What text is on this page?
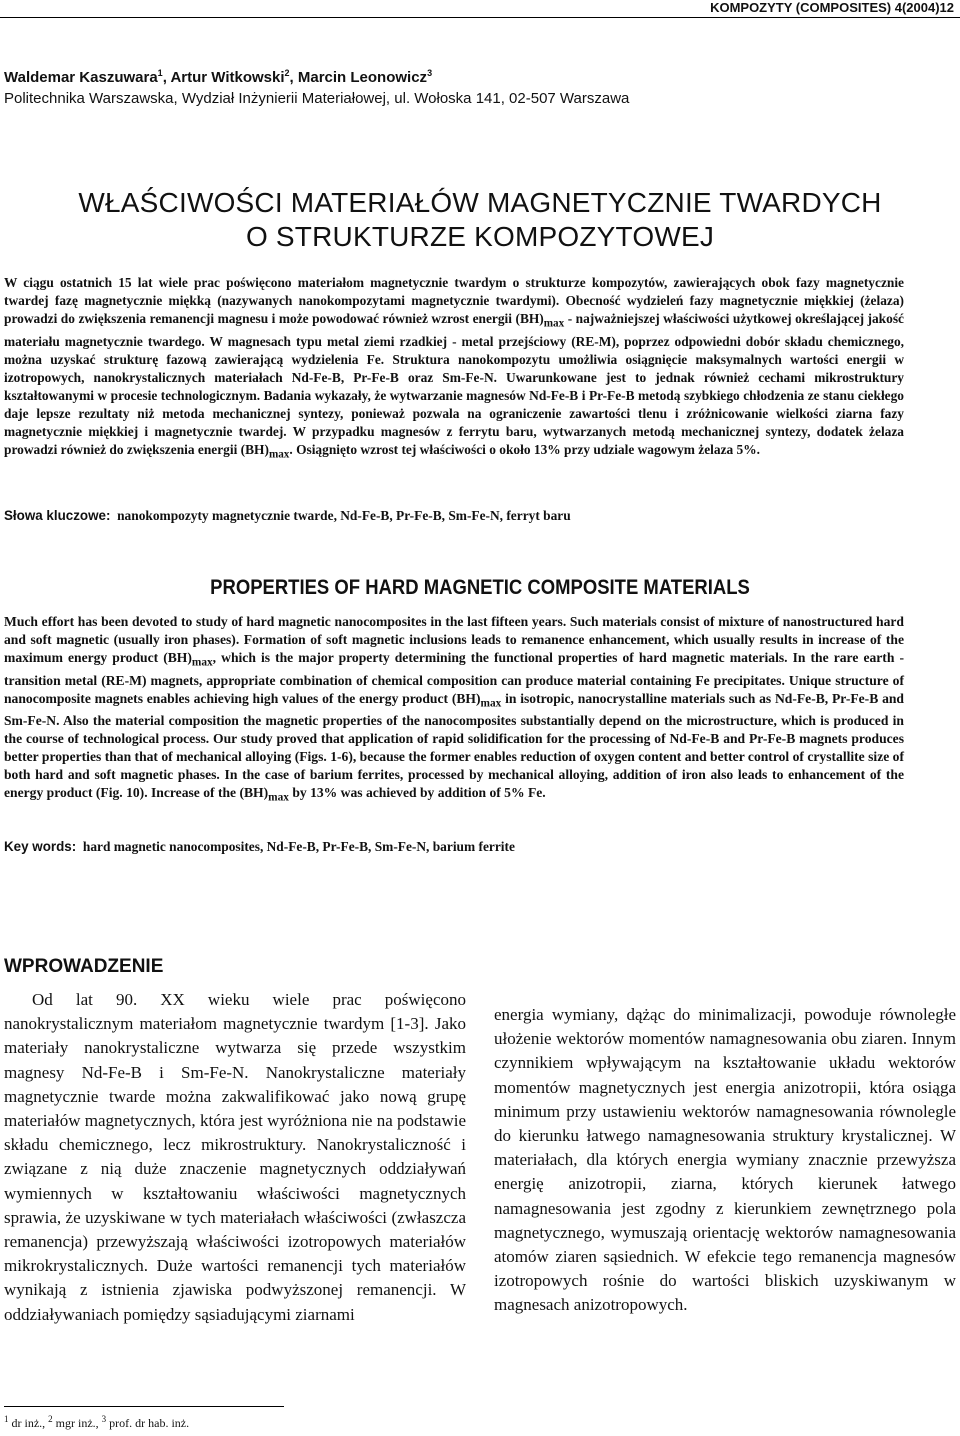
KOMPOZYTY (COMPOSITES) 4(2004)12
Waldemar Kaszuwara$^1$, Artur Witkowski$^2$, Marcin Leonowicz$^3$
Politechnika Warszawska, Wydział Inżynierii Materiałowej, ul. Wołoska 141, 02-507 Warszawa
WŁAŚCIWOŚCI MATERIAŁÓW MAGNETYCZNIE TWARDYCH
O STRUKTURZE KOMPOZYTOWEJ
W ciągu ostatnich 15 lat wiele prac poświęcono materiałom magnetycznie twardym o strukturze kompozytów, zawierających obok fazy magnetycznie twardej fazę magnetycznie miękką (nazywanych nanokompozytami magnetycznie twardymi). Obecność wydzieleń fazy magnetycznie miękkiej (żelaza) prowadzi do zwiększenia remanencji magnesu i może powodować również wzrost energii $(BH)_{max}$ - najważniejszej właściwości użytkowej określającej jakość materiału magnetycznie twardego. W magnesach typu metal ziemi rzadkiej - metal przejściowy (RE-M), poprzez odpowiedni dobór składu chemicznego, można uzyskać strukturę fazową zawierającą wydzielenia Fe. Struktura nanokompozytu umożliwia osiągnięcie maksymalnych wartości energii w izotropowych, nanokrystalicznych materiałach Nd-Fe-B, Pr-Fe-B oraz Sm-Fe-N. Uwarunkowane jest to jednak również cechami mikrostruktury kształtowanymi w procesie technologicznym. Badania wykazały, że wytwarzanie magnesów Nd-Fe-B i Pr-Fe-B metodą szybkiego chłodzenia ze stanu ciekłego daje lepsze rezultaty niż metoda mechanicznej syntezy, ponieważ pozwala na ograniczenie zawartości tlenu i zróżnicowanie wielkości ziarna fazy magnetycznie miękkiej i magnetycznie twardej. W przypadku magnesów z ferrytu baru, wytwarzanych metodą mechanicznej syntezy, dodatek żelaza prowadzi również do zwiększenia energii $(BH)_{max}$. Osiągnięto wzrost tej właściwości o około 13% przy udziale wagowym żelaza 5%.
Słowa kluczowe: nanokompozyty magnetycznie twarde, Nd-Fe-B, Pr-Fe-B, Sm-Fe-N, ferryt baru
PROPERTIES OF HARD MAGNETIC COMPOSITE MATERIALS
Much effort has been devoted to study of hard magnetic nanocomposites in the last fifteen years. Such materials consist of mixture of nanostructured hard and soft magnetic (usually iron phases). Formation of soft magnetic inclusions leads to remanence enhancement, which usually results in increase of the maximum energy product $(BH)_{max}$, which is the major property determining the functional properties of hard magnetic materials. In the rare earth - transition metal (RE-M) magnets, appropriate combination of chemical composition can produce material containing Fe precipitates. Unique structure of nanocomposite magnets enables achieving high values of the energy product $(BH)_{max}$ in isotropic, nanocrystalline materials such as Nd-Fe-B, Pr-Fe-B and Sm-Fe-N. Also the material composition the magnetic properties of the nanocomposites substantially depend on the microstructure, which is produced in the course of technological process. Our study proved that application of rapid solidification for the processing of Nd-Fe-B and Pr-Fe-B magnets produces better properties than that of mechanical alloying (Figs. 1-6), because the former enables reduction of oxygen content and better control of crystallite size of both hard and soft magnetic phases. In the case of barium ferrites, processed by mechanical alloying, addition of iron also leads to enhancement of the energy product (Fig. 10). Increase of the $(BH)_{max}$ by 13% was achieved by addition of 5% Fe.
Key words: hard magnetic nanocomposites, Nd-Fe-B, Pr-Fe-B, Sm-Fe-N, barium ferrite
WPROWADZENIE
Od lat 90. XX wieku wiele prac poświęcono nanokrystalicznym materiałom magnetycznie twardym [1-3]. Jako materiały nanokrystaliczne wytwarza się przede wszystkim magnesy Nd-Fe-B i Sm-Fe-N. Nanokrystaliczne materiały magnetycznie twarde można zakwalifikować jako nową grupę materiałów magnetycznych, która jest wyróżniona nie na podstawie składu chemicznego, lecz mikrostruktury. Nanokrystaliczność i związane z nią duże znaczenie magnetycznych oddziaływań wymiennych w kształtowaniu właściwości magnetycznych sprawia, że uzyskiwane w tych materiałach właściwości (zwłaszcza remanencja) przewyższają właściwości izotropowych materiałów mikrokrystalicznych. Duże wartości remanencji tych materiałów wynikają z istnienia zjawiska podwyższonej remanencji. W oddziaływaniach pomiędzy sąsiadującymi ziarnami
energia wymiany, dążąc do minimalizacji, powoduje równoległe ułożenie wektorów momentów namagnesowania obu ziaren. Innym czynnikiem wpływającym na kształtowanie układu wektorów momentów magnetycznych jest energia anizotropii, która osiąga minimum przy ustawieniu wektorów namagnesowania równolegle do kierunku łatwego namagnesowania struktury krystalicznej. W materiałach, dla których energia wymiany znacznie przewyższa energię anizotropii, ziarna, których kierunek łatwego namagnesowania jest zgodny z kierunkiem zewnętrznego pola magnetycznego, wymuszają orientację wektorów namagnesowania atomów ziaren sąsiednich. W efekcie tego remanencja magnesów izotropowych rośnie do wartości bliskich uzyskiwanym w magnesach anizotropowych.
$^1$ dr inż., $^2$ mgr inż., $^3$ prof. dr hab. inż.
